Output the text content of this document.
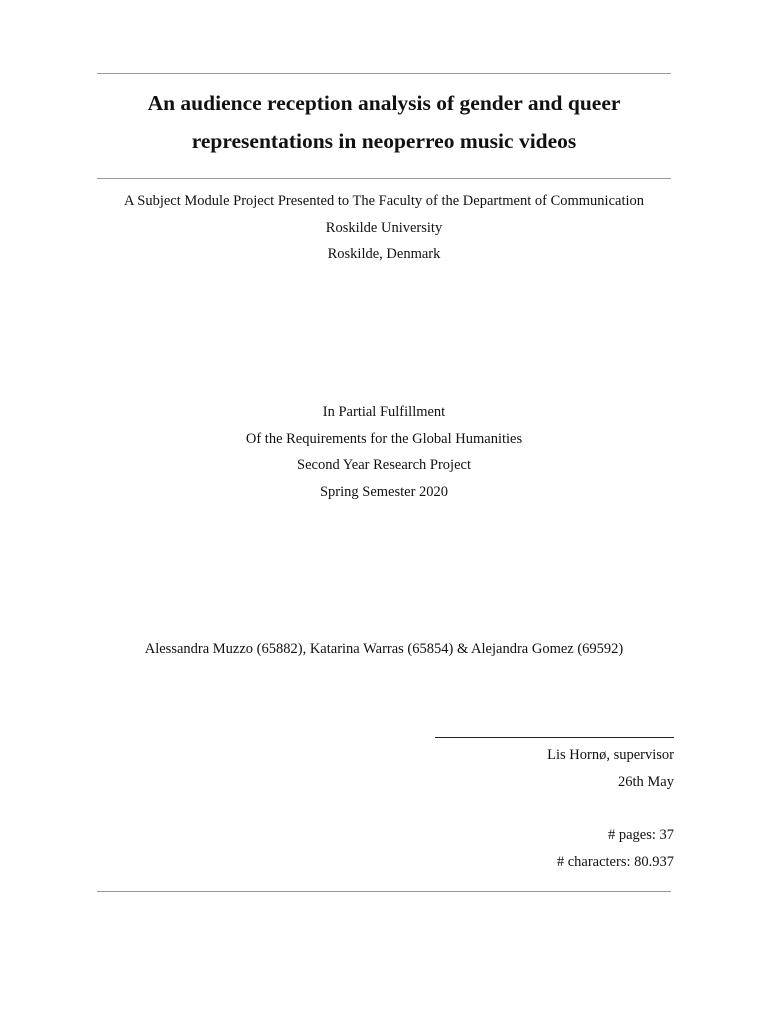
An audience reception analysis of gender and queer
representations in neoperreo music videos
A Subject Module Project Presented to The Faculty of the Department of Communication
Roskilde University
Roskilde, Denmark
In Partial Fulfillment
Of the Requirements for the Global Humanities
Second Year Research Project
Spring Semester 2020
Alessandra Muzzo (65882), Katarina Warras (65854) & Alejandra Gomez (69592)
Lis Hornø, supervisor
26th May
# pages: 37
# characters: 80.937
